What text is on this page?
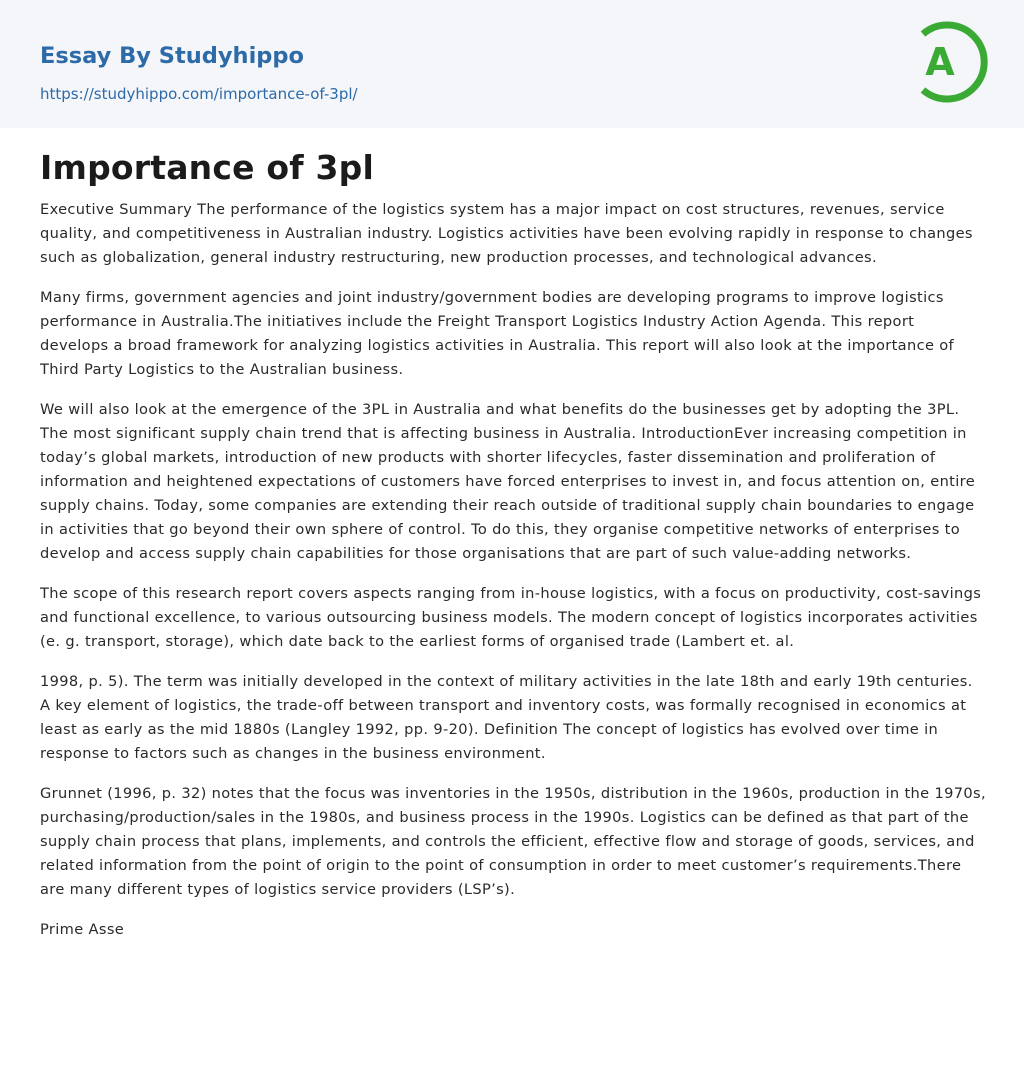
Essay By Studyhippo
https://studyhippo.com/importance-of-3pl/
A
Importance of 3pl

Executive Summary The performance of the logistics system has a major impact on cost structures, revenues, service quality, and competitiveness in Australian industry. Logistics activities have been evolving rapidly in response to changes such as globalization, general industry restructuring, new production processes, and technological advances.

Many firms, government agencies and joint industry/government bodies are developing programs to improve logistics performance in Australia.The initiatives include the Freight Transport Logistics Industry Action Agenda. This report develops a broad framework for analyzing logistics activities in Australia. This report will also look at the importance of Third Party Logistics to the Australian business.

We will also look at the emergence of the 3PL in Australia and what benefits do the businesses get by adopting the 3PL. The most significant supply chain trend that is affecting business in Australia. IntroductionEver increasing competition in today’s global markets, introduction of new products with shorter lifecycles, faster dissemination and proliferation of information and heightened expectations of customers have forced enterprises to invest in, and focus attention on, entire supply chains. Today, some companies are extending their reach outside of traditional supply chain boundaries to engage in activities that go beyond their own sphere of control. To do this, they organise competitive networks of enterprises to develop and access supply chain capabilities for those organisations that are part of such value-adding networks.

The scope of this research report covers aspects ranging from in-house logistics, with a focus on productivity, cost-savings and functional excellence, to various outsourcing business models. The modern concept of logistics incorporates activities (e. g. transport, storage), which date back to the earliest forms of organised trade (Lambert et. al.

1998, p. 5). The term was initially developed in the context of military activities in the late 18th and early 19th centuries. A key element of logistics, the trade-off between transport and inventory costs, was formally recognised in economics at least as early as the mid 1880s (Langley 1992, pp. 9-20). Definition The concept of logistics has evolved over time in response to factors such as changes in the business environment.

Grunnet (1996, p. 32) notes that the focus was inventories in the 1950s, distribution in the 1960s, production in the 1970s, purchasing/production/sales in the 1980s, and business process in the 1990s. Logistics can be defined as that part of the supply chain process that plans, implements, and controls the efficient, effective flow and storage of goods, services, and related information from the point of origin to the point of consumption in order to meet customer’s requirements.There are many different types of logistics service providers (LSP’s).

Prime Asse
